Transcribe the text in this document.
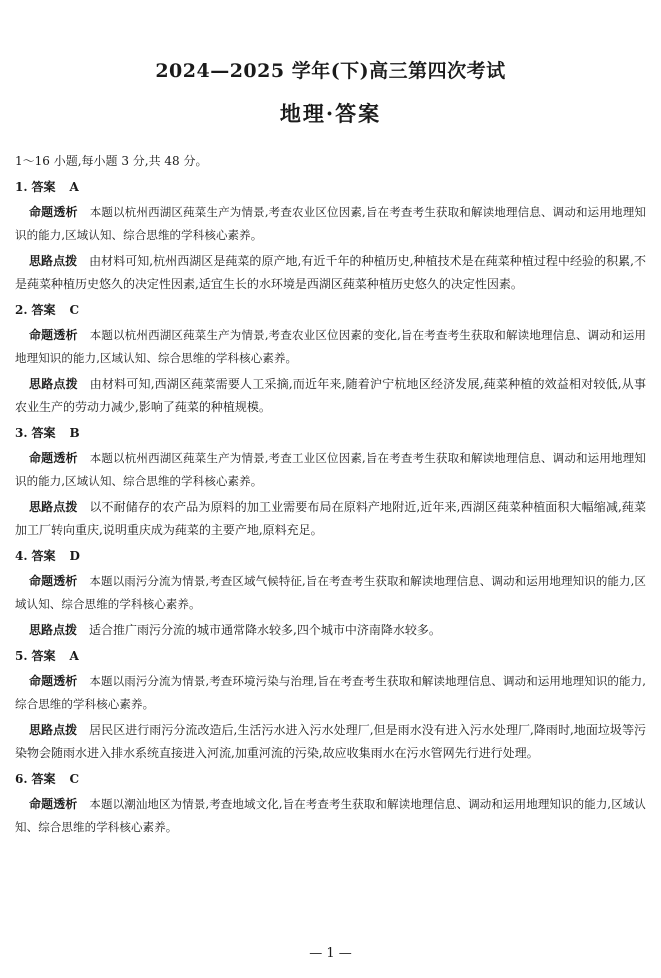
2024—2025 学年(下)高三第四次考试
地理·答案
1～16 小题,每小题 3 分,共 48 分。
1. 答案 A
命题透析 本题以杭州西湖区莼菜生产为情景,考查农业区位因素,旨在考查考生获取和解读地理信息、调动和运用地理知识的能力,区域认知、综合思维的学科核心素养。
思路点拨 由材料可知,杭州西湖区是莼菜的原产地,有近千年的种植历史,种植技术是在莼菜种植过程中经验的积累,不是莼菜种植历史悠久的决定性因素,适宜生长的水环境是西湖区莼菜种植历史悠久的决定性因素。
2. 答案 C
命题透析 本题以杭州西湖区莼菜生产为情景,考查农业区位因素的变化,旨在考查考生获取和解读地理信息、调动和运用地理知识的能力,区域认知、综合思维的学科核心素养。
思路点拨 由材料可知,西湖区莼菜需要人工采摘,而近年来,随着沪宁杭地区经济发展,莼菜种植的效益相对较低,从事农业生产的劳动力减少,影响了莼菜的种植规模。
3. 答案 B
命题透析 本题以杭州西湖区莼菜生产为情景,考查工业区位因素,旨在考查考生获取和解读地理信息、调动和运用地理知识的能力,区域认知、综合思维的学科核心素养。
思路点拨 以不耐储存的农产品为原料的加工业需要布局在原料产地附近,近年来,西湖区莼菜种植面积大幅缩减,莼菜加工厂转向重庆,说明重庆成为莼菜的主要产地,原料充足。
4. 答案 D
命题透析 本题以雨污分流为情景,考查区域气候特征,旨在考查考生获取和解读地理信息、调动和运用地理知识的能力,区域认知、综合思维的学科核心素养。
思路点拨 适合推广雨污分流的城市通常降水较多,四个城市中济南降水较多。
5. 答案 A
命题透析 本题以雨污分流为情景,考查环境污染与治理,旨在考查考生获取和解读地理信息、调动和运用地理知识的能力,综合思维的学科核心素养。
思路点拨 居民区进行雨污分流改造后,生活污水进入污水处理厂,但是雨水没有进入污水处理厂,降雨时,地面垃圾等污染物会随雨水进入排水系统直接进入河流,加重河流的污染,故应收集雨水在污水管网先行进行处理。
6. 答案 C
命题透析 本题以潮汕地区为情景,考查地域文化,旨在考查考生获取和解读地理信息、调动和运用地理知识的能力,区域认知、综合思维的学科核心素养。
— 1 —
